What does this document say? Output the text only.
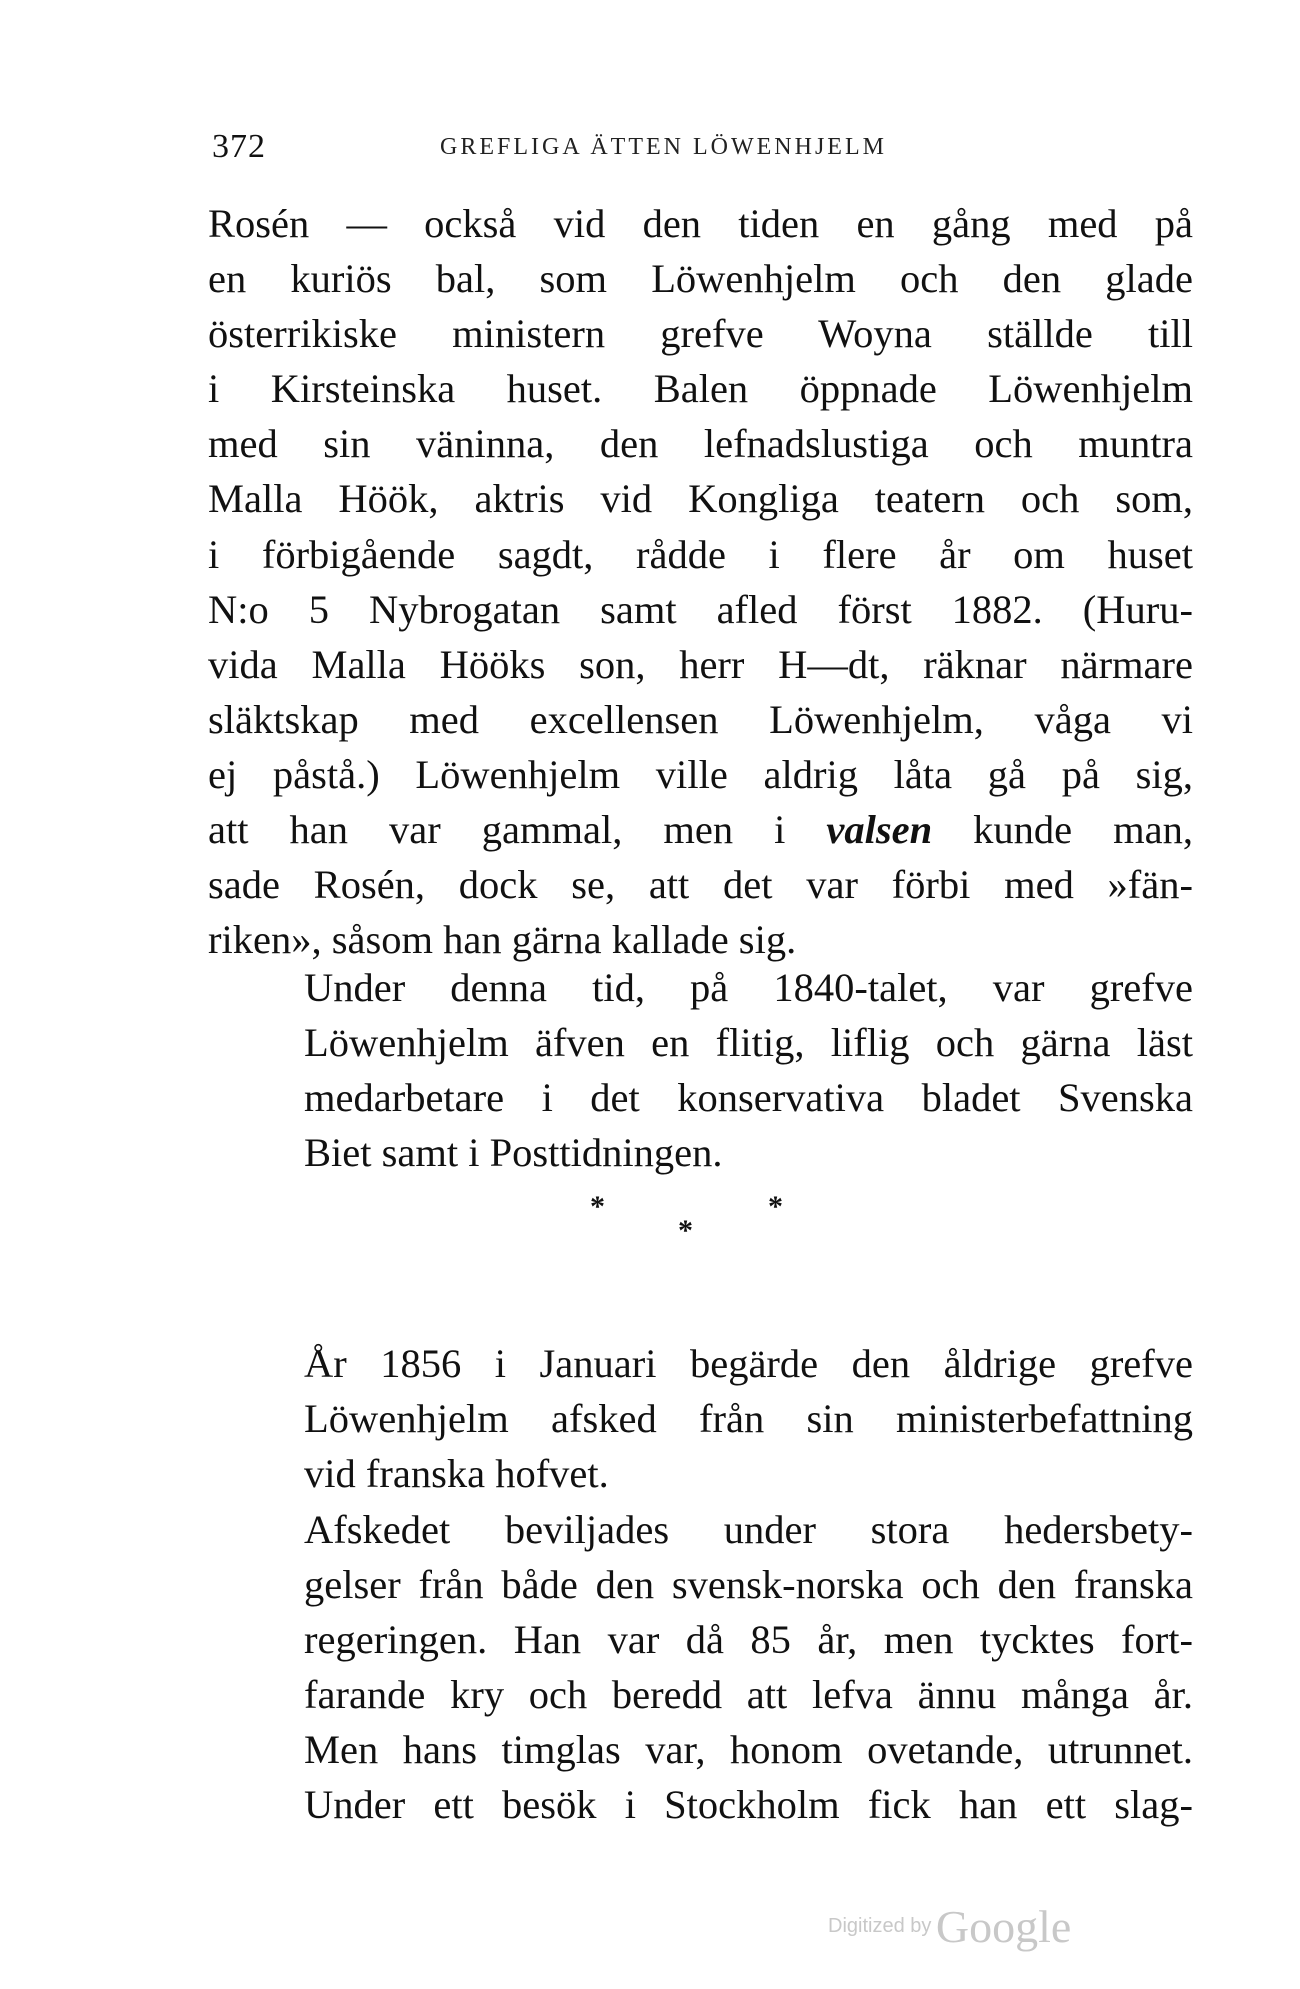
372	GREFLIGA ÄTTEN LÖWENHJELM

Rosén — också vid den tiden en gång med på
en kuriös bal, som Löwenhjelm och den glade
österrikiske ministern grefve Woyna ställde till
i Kirsteinska huset. Balen öppnade Löwenhjelm
med sin väninna, den lefnadslustiga och muntra
Malla Höök, aktris vid Kongliga teatern och som,
i förbigående sagdt, rådde i flere år om huset
N:o 5 Nybrogatan samt afled först 1882. (Huru-
vida Malla Hööks son, herr H—dt, räknar närmare
släktskap med excellensen Löwenhjelm, våga vi
ej påstå.) Löwenhjelm ville aldrig låta gå på sig,
att han var gammal, men i valsen kunde man,
sade Rosén, dock se, att det var förbi med »fän-
riken», såsom han gärna kallade sig.

Under denna tid, på 1840-talet, var grefve
Löwenhjelm äfven en flitig, liflig och gärna läst
medarbetare i det konservativa bladet Svenska
Biet samt i Posttidningen.

*	*
*

År 1856 i Januari begärde den åldrige grefve
Löwenhjelm afsked från sin ministerbefattning
vid franska hofvet.

Afskedet beviljades under stora hedersbety-
gelser från både den svensk-norska och den franska
regeringen. Han var då 85 år, men tycktes fort-
farande kry och beredd att lefva ännu många år.
Men hans timglas var, honom ovetande, utrunnet.
Under ett besök i Stockholm fick han ett slag-

Digitized by Google
